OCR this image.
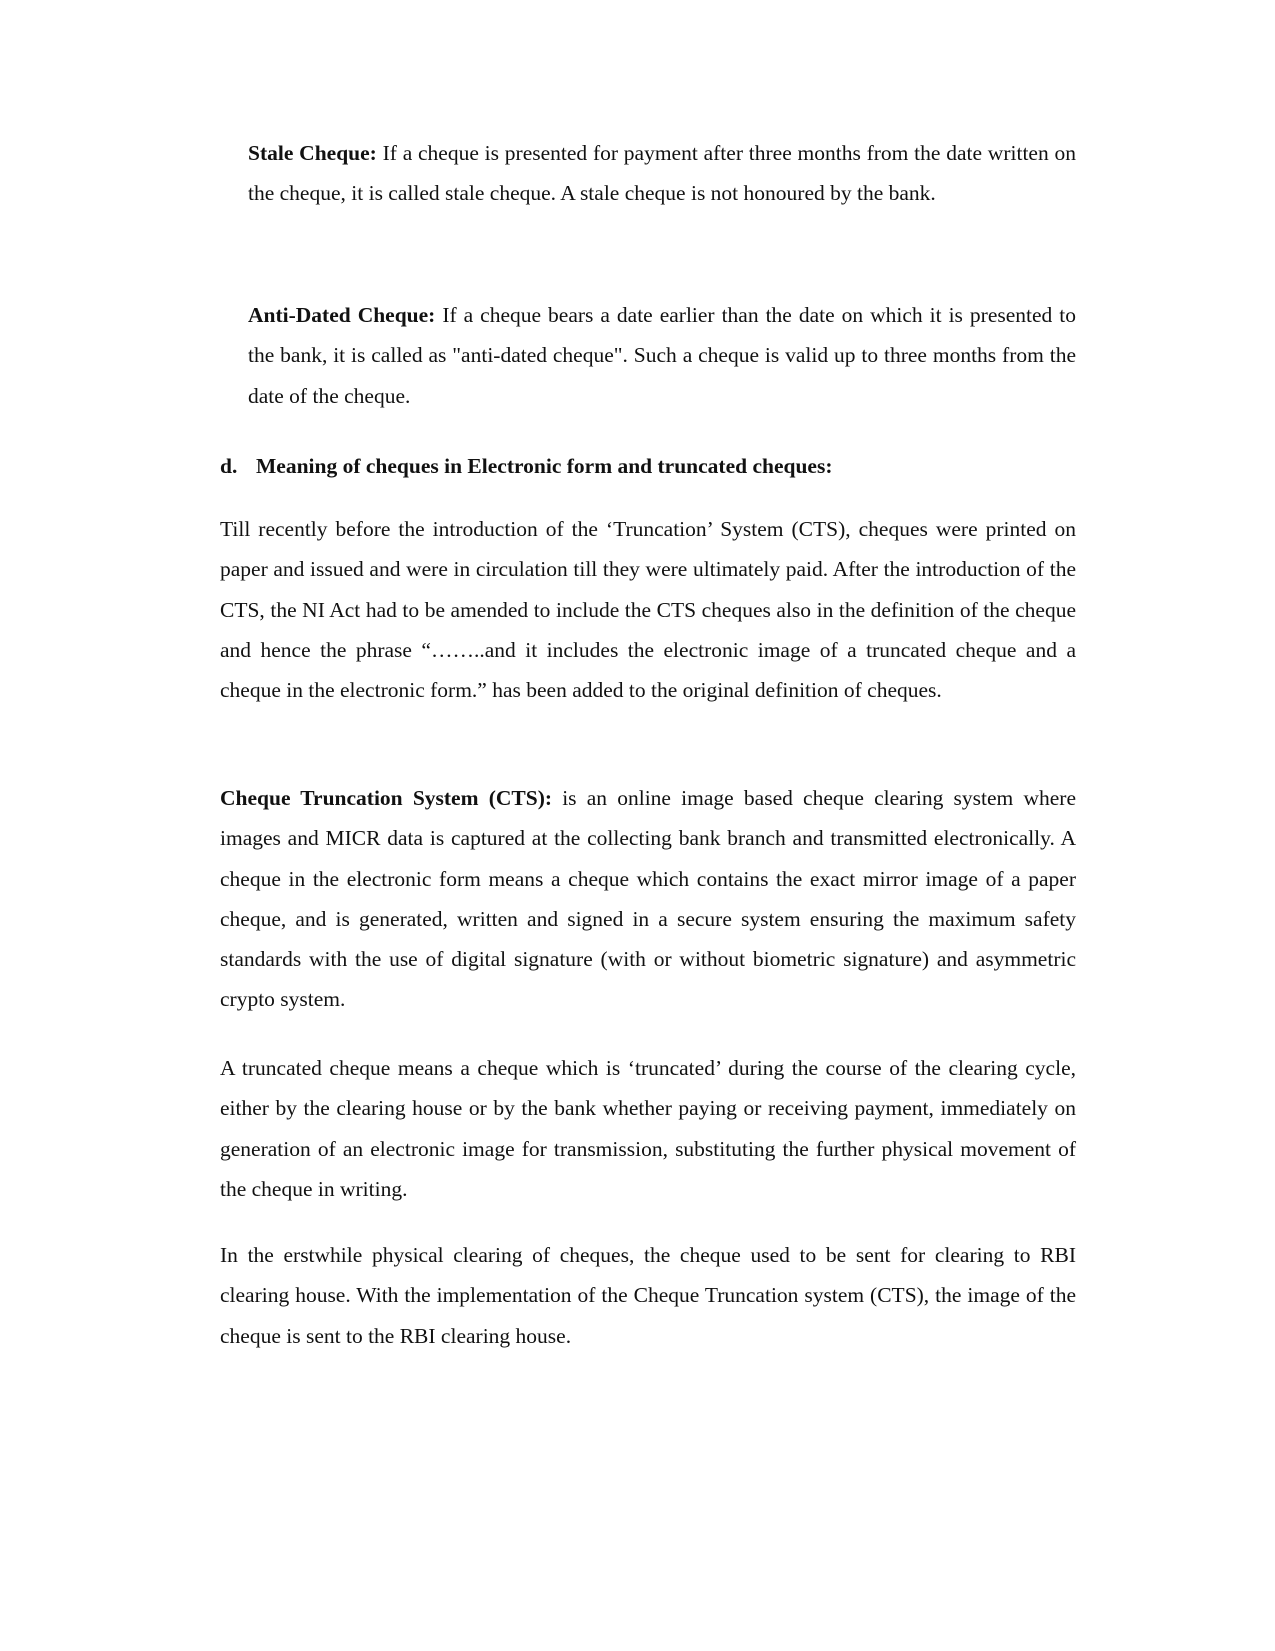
Stale Cheque: If a cheque is presented for payment after three months from the date written on the cheque, it is called stale cheque. A stale cheque is not honoured by the bank.

Anti-Dated Cheque: If a cheque bears a date earlier than the date on which it is presented to the bank, it is called as "anti-dated cheque". Such a cheque is valid up to three months from the date of the cheque.

d. Meaning of cheques in Electronic form and truncated cheques:

Till recently before the introduction of the ‘Truncation’ System (CTS), cheques were printed on paper and issued and were in circulation till they were ultimately paid. After the introduction of the CTS, the NI Act had to be amended to include the CTS cheques also in the definition of the cheque and hence the phrase “……..and it includes the electronic image of a truncated cheque and a cheque in the electronic form.” has been added to the original definition of cheques.

Cheque Truncation System (CTS): is an online image based cheque clearing system where images and MICR data is captured at the collecting bank branch and transmitted electronically. A cheque in the electronic form means a cheque which contains the exact mirror image of a paper cheque, and is generated, written and signed in a secure system ensuring the maximum safety standards with the use of digital signature (with or without biometric signature) and asymmetric crypto system.

A truncated cheque means a cheque which is ‘truncated’ during the course of the clearing cycle, either by the clearing house or by the bank whether paying or receiving payment, immediately on generation of an electronic image for transmission, substituting the further physical movement of the cheque in writing.

In the erstwhile physical clearing of cheques, the cheque used to be sent for clearing to RBI clearing house. With the implementation of the Cheque Truncation system (CTS), the image of the cheque is sent to the RBI clearing house.
